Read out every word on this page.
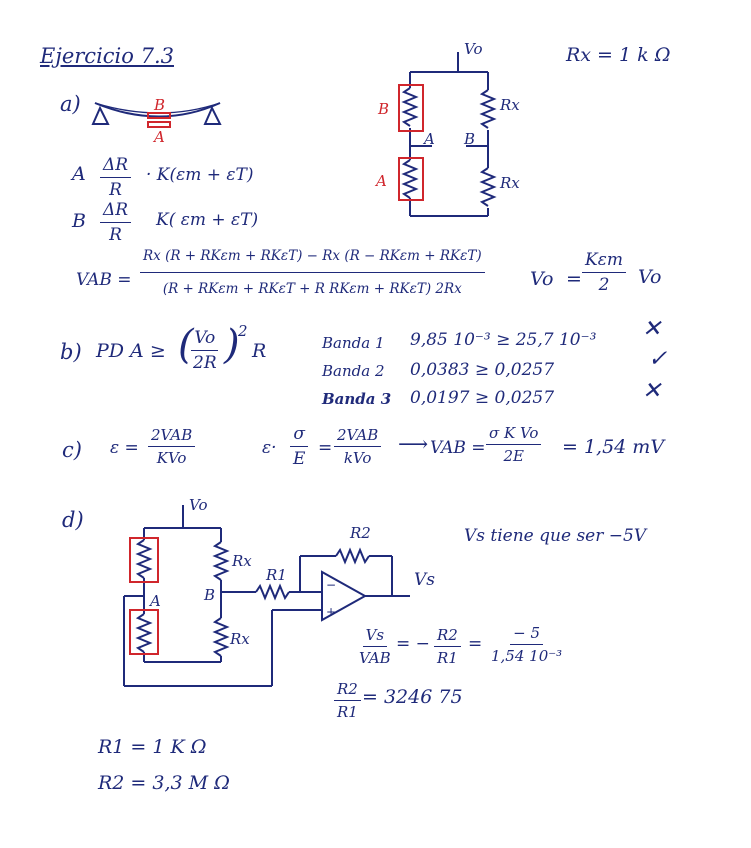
Ejercicio 7.3	Rx = 1 k Ω
a)	B
A
A $\frac{\Delta R}{R} \cdot K(\varepsilon m + \varepsilon T)$
B $\frac{\Delta R}{R} K$( εm + εT)
VAB =
Rx (R + RKεm + RKεT) − Rx (R − RKεm + RKεT)
(R + RKεm + RKεT + R RKεm + RKεT) 2Rx	Vo =
Kεm
2 Vo
Vo
B
A
A B
Rx
Rx
b) PD A ≥ (
$\frac{Vo}{2R}$ )
2
R	Banda 1 9,85 10⁻³ ≥ 25,7 10⁻³ ✕
Banda 2 0,0383 ≥ 0,0257	✓
Banda 3 0,0197 ≥ 0,0257	✕
c) ε =
2VAB
KVo	$\varepsilon\cdot \frac{\sigma}{E}$ =
2VAB
kVo
⟶ VAB = $\frac{\text{σ K Vo}}{2E} = 1,54$ mV
d)
−
+
Vo
Rx
Rx
R1
R2
A	B
Vs
Vs tiene que ser −5V
Vs
VAB
= − $\frac{R2}{R1} = \frac{- 5}{\text{1,54 10⁻³}}$
$\frac{R2}{R1} = 3246$ 75
R1 = 1 K Ω
R2 = 3,3 M Ω
